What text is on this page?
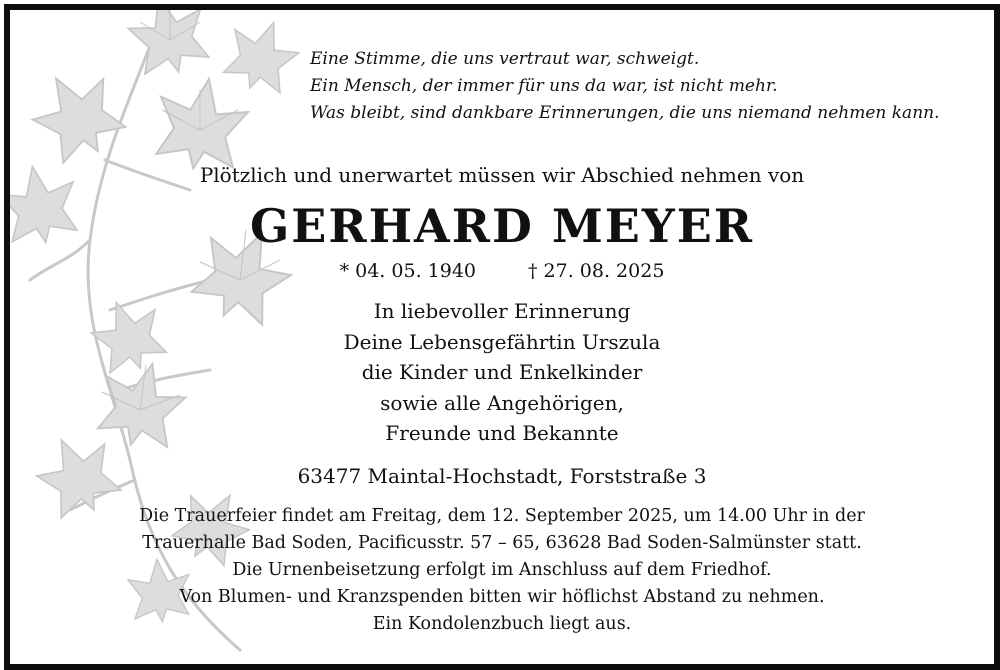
Eine Stimme, die uns vertraut war, schweigt.
Ein Mensch, der immer für uns da war, ist nicht mehr.
Was bleibt, sind dankbare Erinnerungen, die uns niemand nehmen kann.
Plötzlich und unerwartet müssen wir Abschied nehmen von
GERHARD MEYER
* 04. 05. 1940	† 27. 08. 2025
In liebevoller Erinnerung
Deine Lebensgefährtin Urszula
die Kinder und Enkelkinder
sowie alle Angehörigen,
Freunde und Bekannte
63477 Maintal-Hochstadt, Forststraße 3
Die Trauerfeier findet am Freitag, dem 12. September 2025, um 14.00 Uhr in der
Trauerhalle Bad Soden, Pacificusstr. 57 – 65, 63628 Bad Soden-Salmünster statt.
Die Urnenbeisetzung erfolgt im Anschluss auf dem Friedhof.
Von Blumen- und Kranzspenden bitten wir höflichst Abstand zu nehmen.
Ein Kondolenzbuch liegt aus.
